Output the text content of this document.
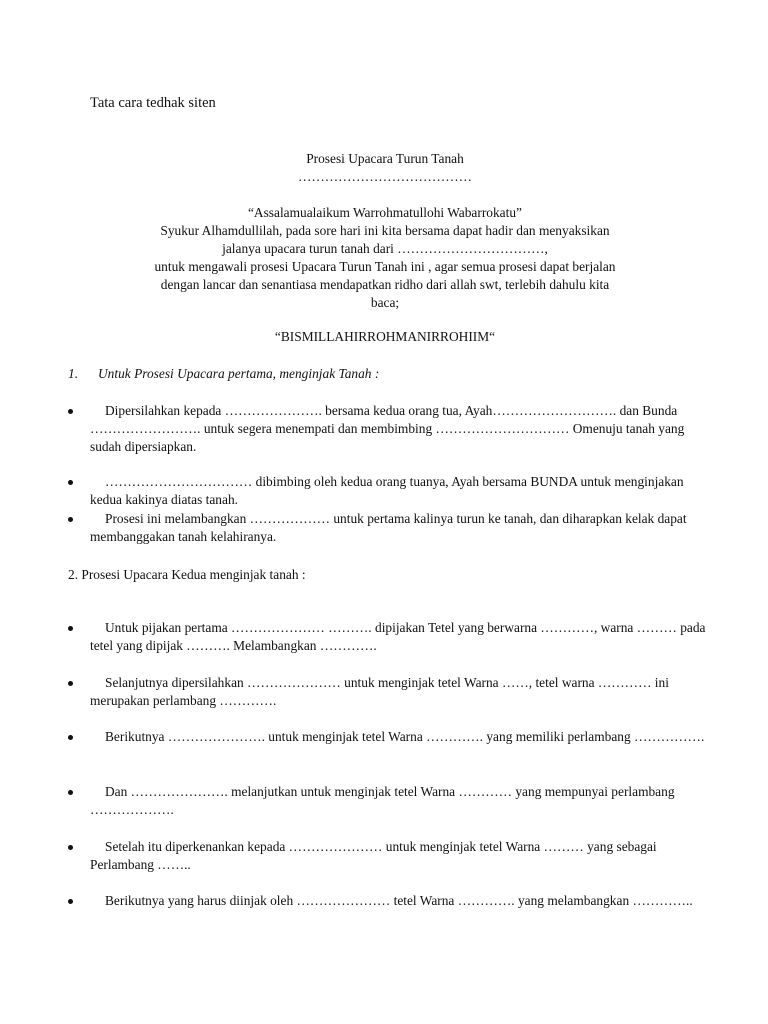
Tata cara tedhak siten
Prosesi Upacara Turun Tanah
…………………………………
“Assalamualaikum Warrohmatullohi Wabarrokatu”
Syukur Alhamdullilah, pada sore hari ini kita bersama dapat hadir dan menyaksikan
jalanya upacara turun tanah dari ……………………………,
untuk mengawali prosesi Upacara Turun Tanah ini , agar semua prosesi dapat berjalan
dengan lancar dan senantiasa mendapatkan ridho dari allah swt, terlebih dahulu kita
baca;
“BISMILLAHIRROHMANIRROHIIM“
1. Untuk Prosesi Upacara pertama, menginjak Tanah :
Dipersilahkan kepada …………………. bersama kedua orang tua, Ayah………………………. dan Bunda ……………………. untuk segera menempati dan membimbing ………………………… Omenuju tanah yang sudah dipersiapkan.
…………………………… dibimbing oleh kedua orang tuanya, Ayah bersama BUNDA untuk menginjakan kedua kakinya diatas tanah.
Prosesi ini melambangkan ……………… untuk pertama kalinya turun ke tanah, dan diharapkan kelak dapat membanggakan tanah kelahiranya.
2. Prosesi Upacara Kedua menginjak tanah :
Untuk pijakan pertama ………………… ………. dipijakan Tetel yang berwarna …………, warna ……… pada tetel yang dipijak ………. Melambangkan ………….
Selanjutnya dipersilahkan ………………… untuk menginjak tetel Warna ……, tetel warna ………… ini merupakan perlambang ………….
Berikutnya …………………. untuk menginjak tetel Warna …………. yang memiliki perlambang …………….
Dan …………………. melanjutkan untuk menginjak tetel Warna ………… yang mempunyai perlambang ……………….
Setelah itu diperkenankan kepada ………………… untuk menginjak tetel Warna ……… yang sebagai Perlambang ……..
Berikutnya yang harus diinjak oleh ………………… tetel Warna …………. yang melambangkan …………..
